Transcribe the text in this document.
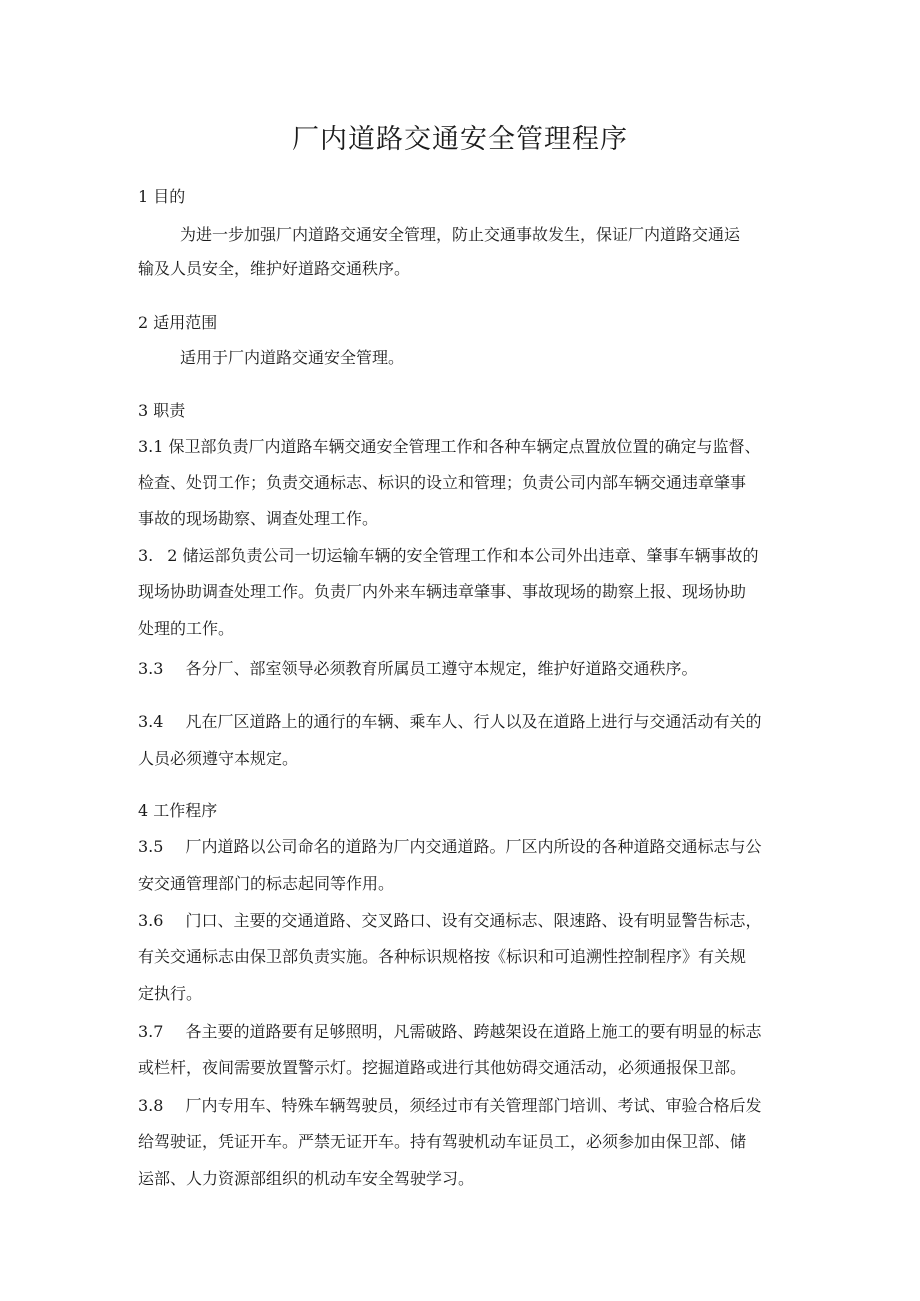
厂内道路交通安全管理程序
1 目的
为进一步加强厂内道路交通安全管理，防止交通事故发生，保证厂内道路交通运
输及人员安全，维护好道路交通秩序。
2 适用范围
适用于厂内道路交通安全管理。
3 职责
3.1 保卫部负责厂内道路车辆交通安全管理工作和各种车辆定点置放位置的确定与监督、
检查、处罚工作；负责交通标志、标识的设立和管理；负责公司内部车辆交通违章肇事
事故的现场勘察、调查处理工作。
3. 2 储运部负责公司一切运输车辆的安全管理工作和本公司外出违章、肇事车辆事故的
现场协助调查处理工作。负责厂内外来车辆违章肇事、事故现场的勘察上报、现场协助
处理的工作。
3.3 各分厂、部室领导必须教育所属员工遵守本规定，维护好道路交通秩序。
3.4 凡在厂区道路上的通行的车辆、乘车人、行人以及在道路上进行与交通活动有关的
人员必须遵守本规定。
4 工作程序
3.5 厂内道路以公司命名的道路为厂内交通道路。厂区内所设的各种道路交通标志与公
安交通管理部门的标志起同等作用。
3.6 门口、主要的交通道路、交叉路口、设有交通标志、限速路、设有明显警告标志，
有关交通标志由保卫部负责实施。各种标识规格按《标识和可追溯性控制程序》有关规
定执行。
3.7 各主要的道路要有足够照明，凡需破路、跨越架设在道路上施工的要有明显的标志
或栏杆，夜间需要放置警示灯。挖掘道路或进行其他妨碍交通活动，必须通报保卫部。
3.8 厂内专用车、特殊车辆驾驶员，须经过市有关管理部门培训、考试、审验合格后发
给驾驶证，凭证开车。严禁无证开车。持有驾驶机动车证员工，必须参加由保卫部、储
运部、人力资源部组织的机动车安全驾驶学习。
